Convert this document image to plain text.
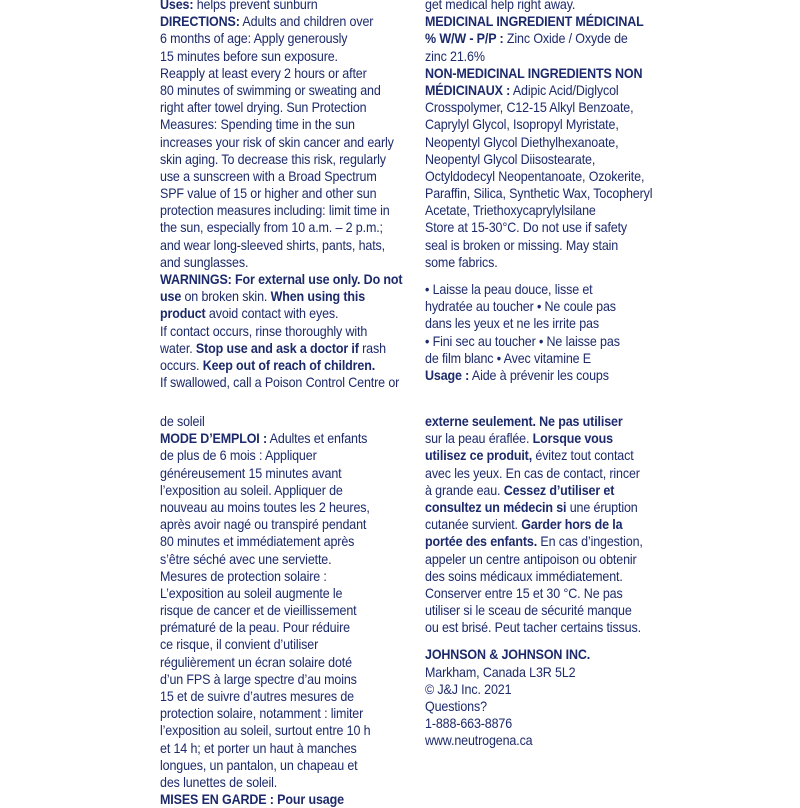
Uses: helps prevent sunburn
DIRECTIONS: Adults and children over
6 months of age: Apply generously
15 minutes before sun exposure.
Reapply at least every 2 hours or after
80 minutes of swimming or sweating and
right after towel drying. Sun Protection
Measures: Spending time in the sun
increases your risk of skin cancer and early
skin aging. To decrease this risk, regularly
use a sunscreen with a Broad Spectrum
SPF value of 15 or higher and other sun
protection measures including: limit time in
the sun, especially from 10 a.m. – 2 p.m.;
and wear long-sleeved shirts, pants, hats,
and sunglasses.
WARNINGS: For external use only. Do not
use on broken skin. When using this
product avoid contact with eyes.
If contact occurs, rinse thoroughly with
water. Stop use and ask a doctor if rash
occurs. Keep out of reach of children.
If swallowed, call a Poison Control Centre or
de soleil
MODE D’EMPLOI : Adultes et enfants
de plus de 6 mois : Appliquer
généreusement 15 minutes avant
l’exposition au soleil. Appliquer de
nouveau au moins toutes les 2 heures,
après avoir nagé ou transpiré pendant
80 minutes et immédiatement après
s’être séché avec une serviette.
Mesures de protection solaire :
L’exposition au soleil augmente le
risque de cancer et de vieillissement
prématuré de la peau. Pour réduire
ce risque, il convient d’utiliser
régulièrement un écran solaire doté
d’un FPS à large spectre d’au moins
15 et de suivre d’autres mesures de
protection solaire, notamment : limiter
l’exposition au soleil, surtout entre 10 h
et 14 h; et porter un haut à manches
longues, un pantalon, un chapeau et
des lunettes de soleil.
MISES EN GARDE : Pour usage
get medical help right away.
MEDICINAL INGREDIENT MÉDICINAL
% W/W - P/P : Zinc Oxide / Oxyde de
zinc 21.6%
NON-MEDICINAL INGREDIENTS NON
MÉDICINAUX : Adipic Acid/Diglycol
Crosspolymer, C12-15 Alkyl Benzoate,
Caprylyl Glycol, Isopropyl Myristate,
Neopentyl Glycol Diethylhexanoate,
Neopentyl Glycol Diisostearate,
Octyldodecyl Neopentanoate, Ozokerite,
Paraffin, Silica, Synthetic Wax, Tocopheryl
Acetate, Triethoxycaprylylsilane
Store at 15-30°C. Do not use if safety
seal is broken or missing. May stain
some fabrics.
• Laisse la peau douce, lisse et
hydratée au toucher • Ne coule pas
dans les yeux et ne les irrite pas
• Fini sec au toucher • Ne laisse pas
de film blanc • Avec vitamine E
Usage : Aide à prévenir les coups
externe seulement. Ne pas utiliser
sur la peau éraflée. Lorsque vous
utilisez ce produit, évitez tout contact
avec les yeux. En cas de contact, rincer
à grande eau. Cessez d’utiliser et
consultez un médecin si une éruption
cutanée survient. Garder hors de la
portée des enfants. En cas d’ingestion,
appeler un centre antipoison ou obtenir
des soins médicaux immédiatement.
Conserver entre 15 et 30 °C. Ne pas
utiliser si le sceau de sécurité manque
ou est brisé. Peut tacher certains tissus.
JOHNSON & JOHNSON INC.
Markham, Canada L3R 5L2
© J&J Inc. 2021
Questions?
1-888-663-8876
www.neutrogena.ca
